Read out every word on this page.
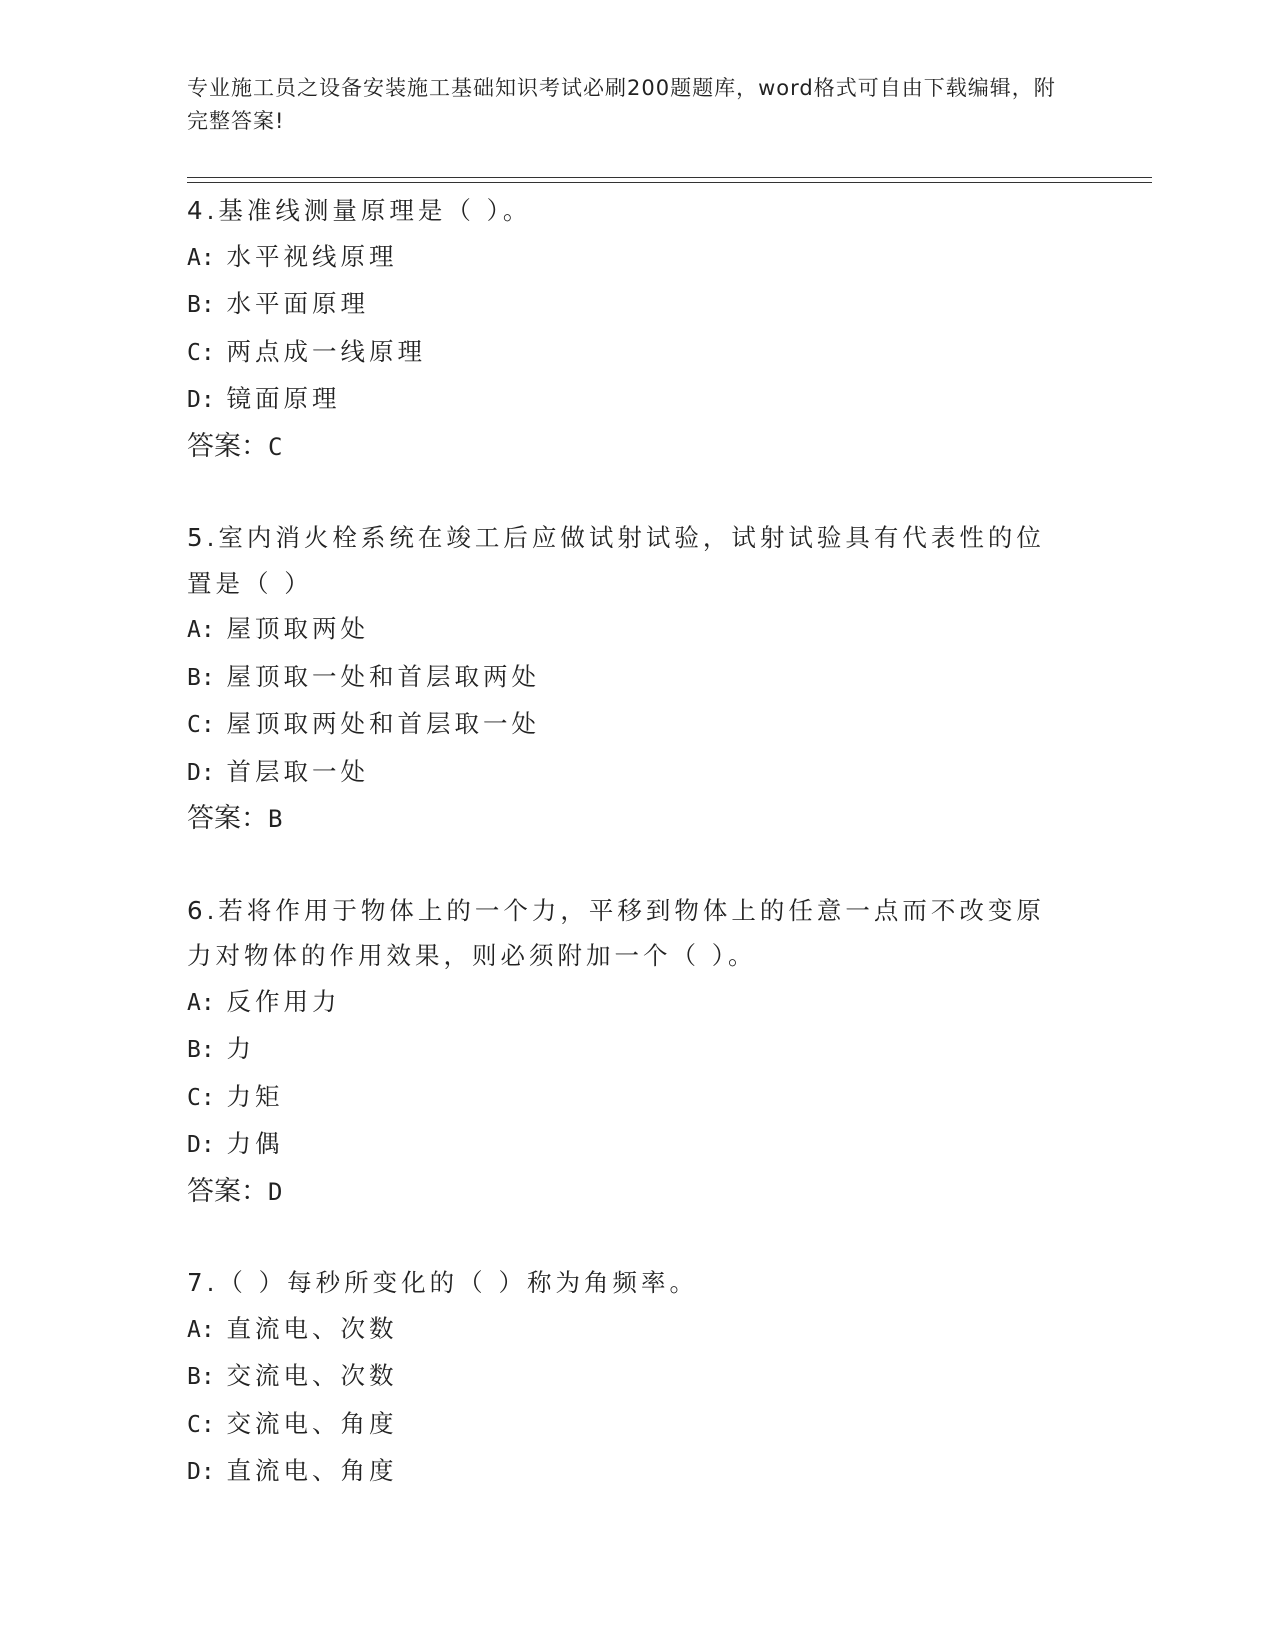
专业施工员之设备安装施工基础知识考试必刷200题题库，word格式可自由下载编辑，附完整答案!

4.基准线测量原理是（ ）。

A: 水平视线原理

B: 水平面原理

C: 两点成一线原理

D: 镜面原理

答案：C

5.室内消火栓系统在竣工后应做试射试验，试射试验具有代表性的位置是（ ）

A: 屋顶取两处

B: 屋顶取一处和首层取两处

C: 屋顶取两处和首层取一处

D: 首层取一处

答案：B

6.若将作用于物体上的一个力，平移到物体上的任意一点而不改变原力对物体的作用效果，则必须附加一个（ ）。

A: 反作用力

B: 力

C: 力矩

D: 力偶

答案：D

7.（ ）每秒所变化的（ ）称为角频率。

A: 直流电、次数

B: 交流电、次数

C: 交流电、角度

D: 直流电、角度
